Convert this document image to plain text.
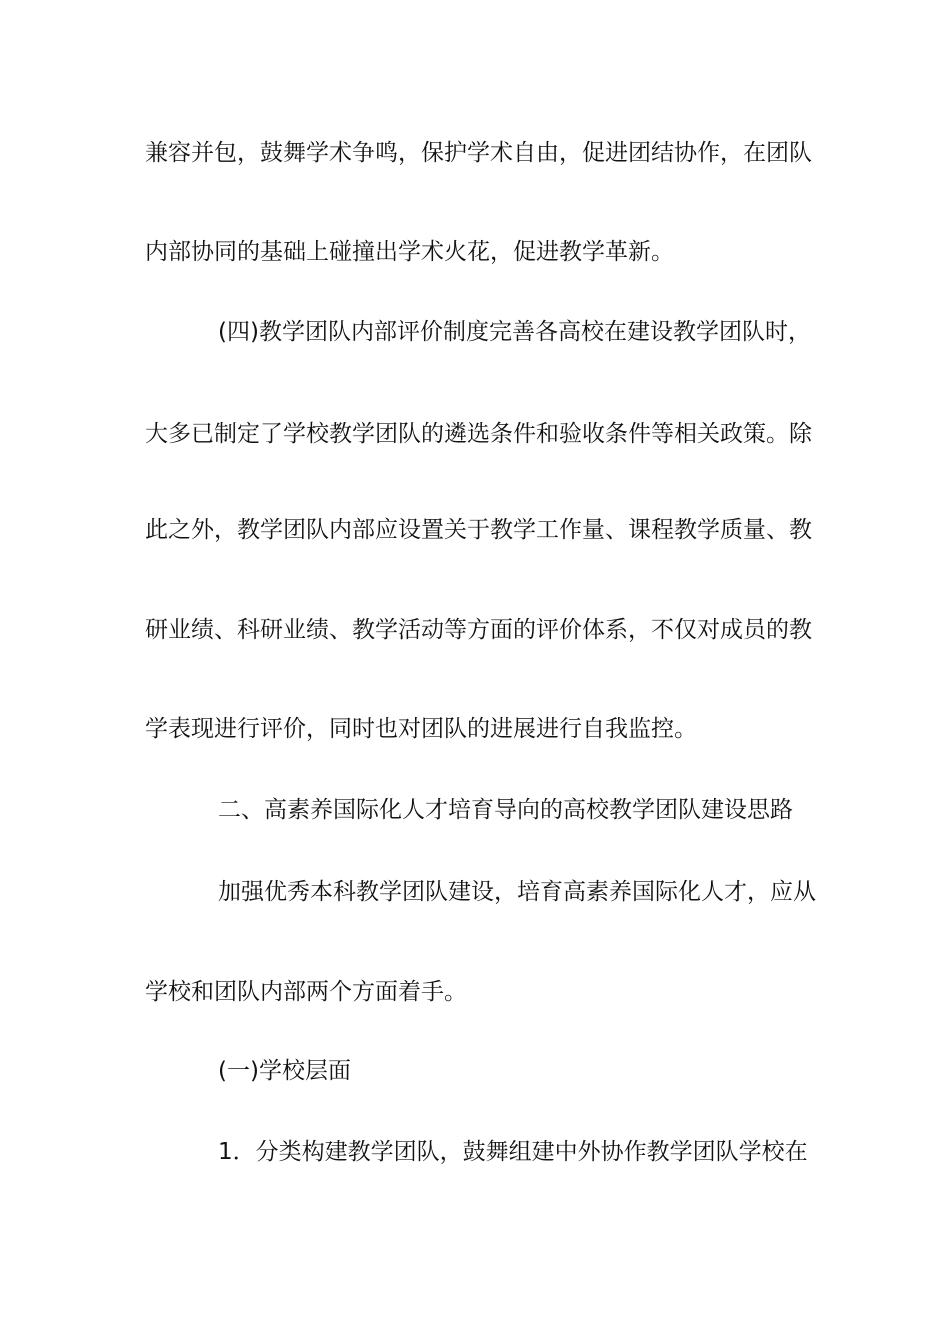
兼容并包，鼓舞学术争鸣，保护学术自由，促进团结协作，在团队
内部协同的基础上碰撞出学术火花，促进教学革新。
(四)教学团队内部评价制度完善各高校在建设教学团队时，
大多已制定了学校教学团队的遴选条件和验收条件等相关政策。除
此之外，教学团队内部应设置关于教学工作量、课程教学质量、教
研业绩、科研业绩、教学活动等方面的评价体系，不仅对成员的教
学表现进行评价，同时也对团队的进展进行自我监控。
二、高素养国际化人才培育导向的高校教学团队建设思路
加强优秀本科教学团队建设，培育高素养国际化人才，应从
学校和团队内部两个方面着手。
(一)学校层面
1．分类构建教学团队，鼓舞组建中外协作教学团队学校在
